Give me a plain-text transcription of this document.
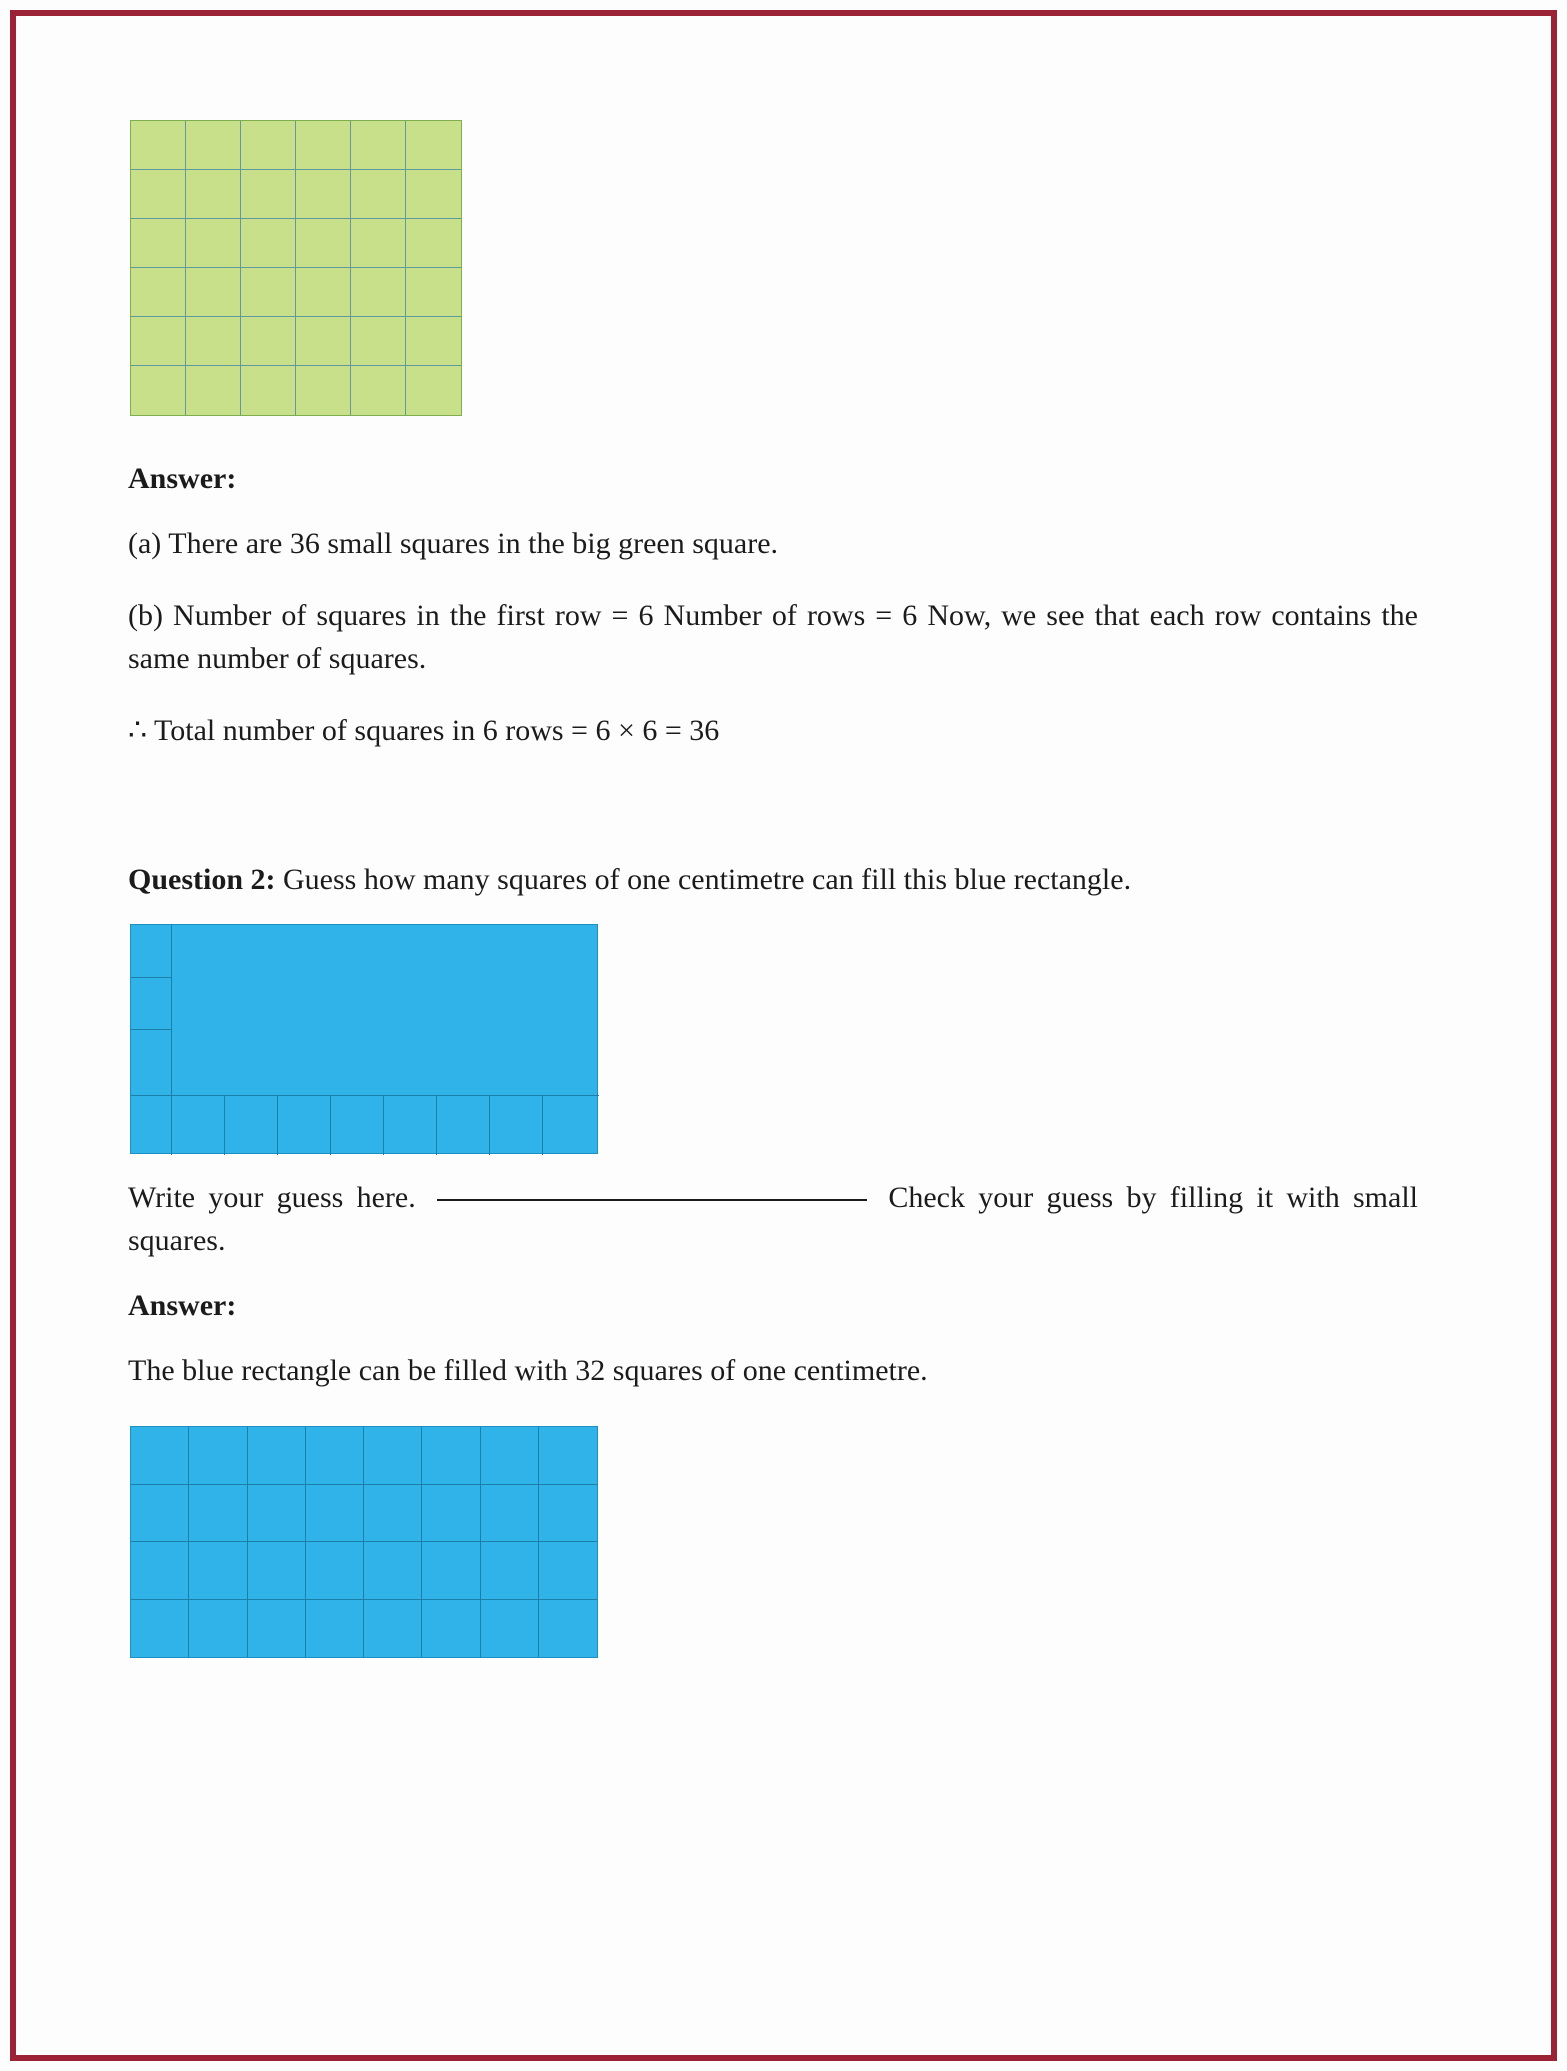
Answer:

(a) There are 36 small squares in the big green square.

(b) Number of squares in the first row = 6 Number of rows = 6 Now, we see that each row contains the same number of squares.

∴ Total number of squares in 6 rows = 6 × 6 = 36

Question 2: Guess how many squares of one centimetre can fill this blue rectangle.

Write your guess here.	Check your guess by filling it with small squares.

Answer:

The blue rectangle can be filled with 32 squares of one centimetre.
